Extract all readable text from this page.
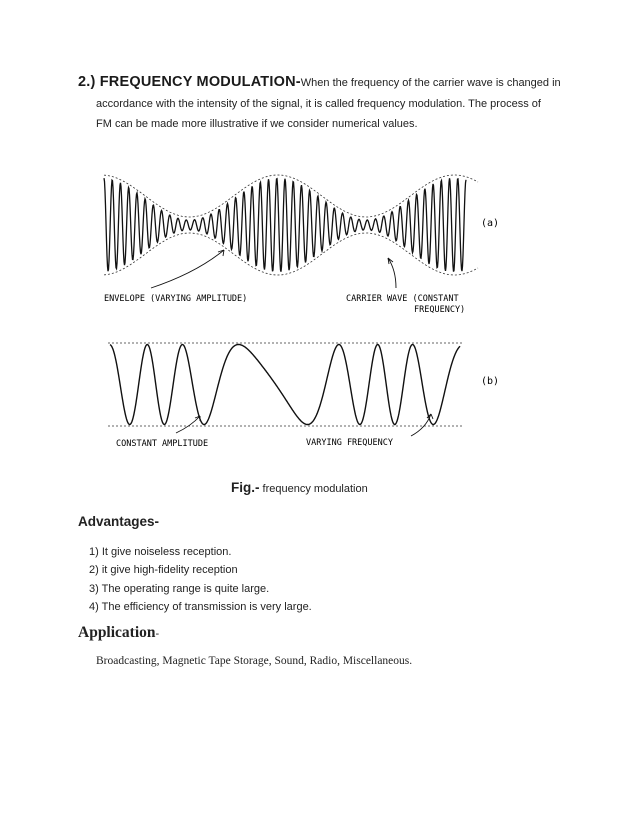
2.) FREQUENCY MODULATION-When the frequency of the carrier wave is changed in
accordance with the intensity of the signal, it is called frequency modulation. The process of
FM can be made more illustrative if we consider numerical values.
(a)
ENVELOPE (VARYING AMPLITUDE)	CARRIER WAVE (CONSTANT
FREQUENCY)
(b)
CONSTANT AMPLITUDE	VARYING FREQUENCY
Fig.- frequency modulation
Advantages-
1) It give noiseless reception.
2) it give high-fidelity reception
3) The operating range is quite large.
4) The efficiency of transmission is very large.
Application-
Broadcasting, Magnetic Tape Storage, Sound, Radio, Miscellaneous.
